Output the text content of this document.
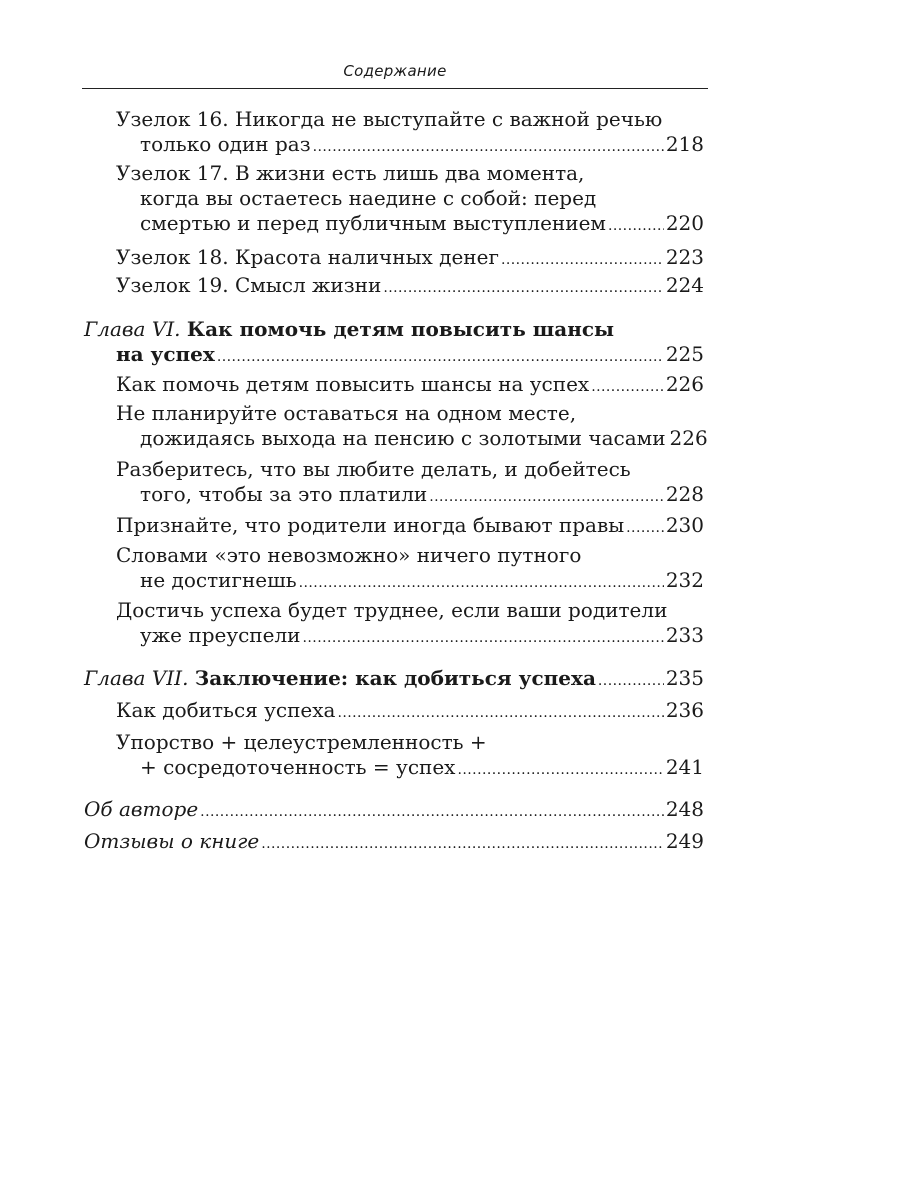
Содержание
Узелок 16. Никогда не выступайте с важной речью
только один раз . . .	218
Узелок 17. В жизни есть лишь два момента,
когда вы остаетесь наедине с собой: перед
смертью и перед публичным выступлением . . .	220
Узелок 18. Красота наличных денег . . .	223
Узелок 19. Смысл жизни . . .	224
Глава VI. Как помочь детям повысить шансы
на успех . . .	225
Как помочь детям повысить шансы на успех . . .	226
Не планируйте оставаться на одном месте,
дожидаясь выхода на пенсию с золотыми часами 226
Разберитесь, что вы любите делать, и добейтесь
того, чтобы за это платили . . .	228
Признайте, что родители иногда бывают правы . . . 230
Словами «это невозможно» ничего путного
не достигнешь . . .	232
Достичь успеха будет труднее, если ваши родители
уже преуспели . . .	233
Глава VII. Заключение: как добиться успеха . . .	235
Как добиться успеха . . .	236
Упорство + целеустремленность +
+ сосредоточенность = успех . . .	241
Об авторе . . .	248
Отзывы о книге . . .	249
